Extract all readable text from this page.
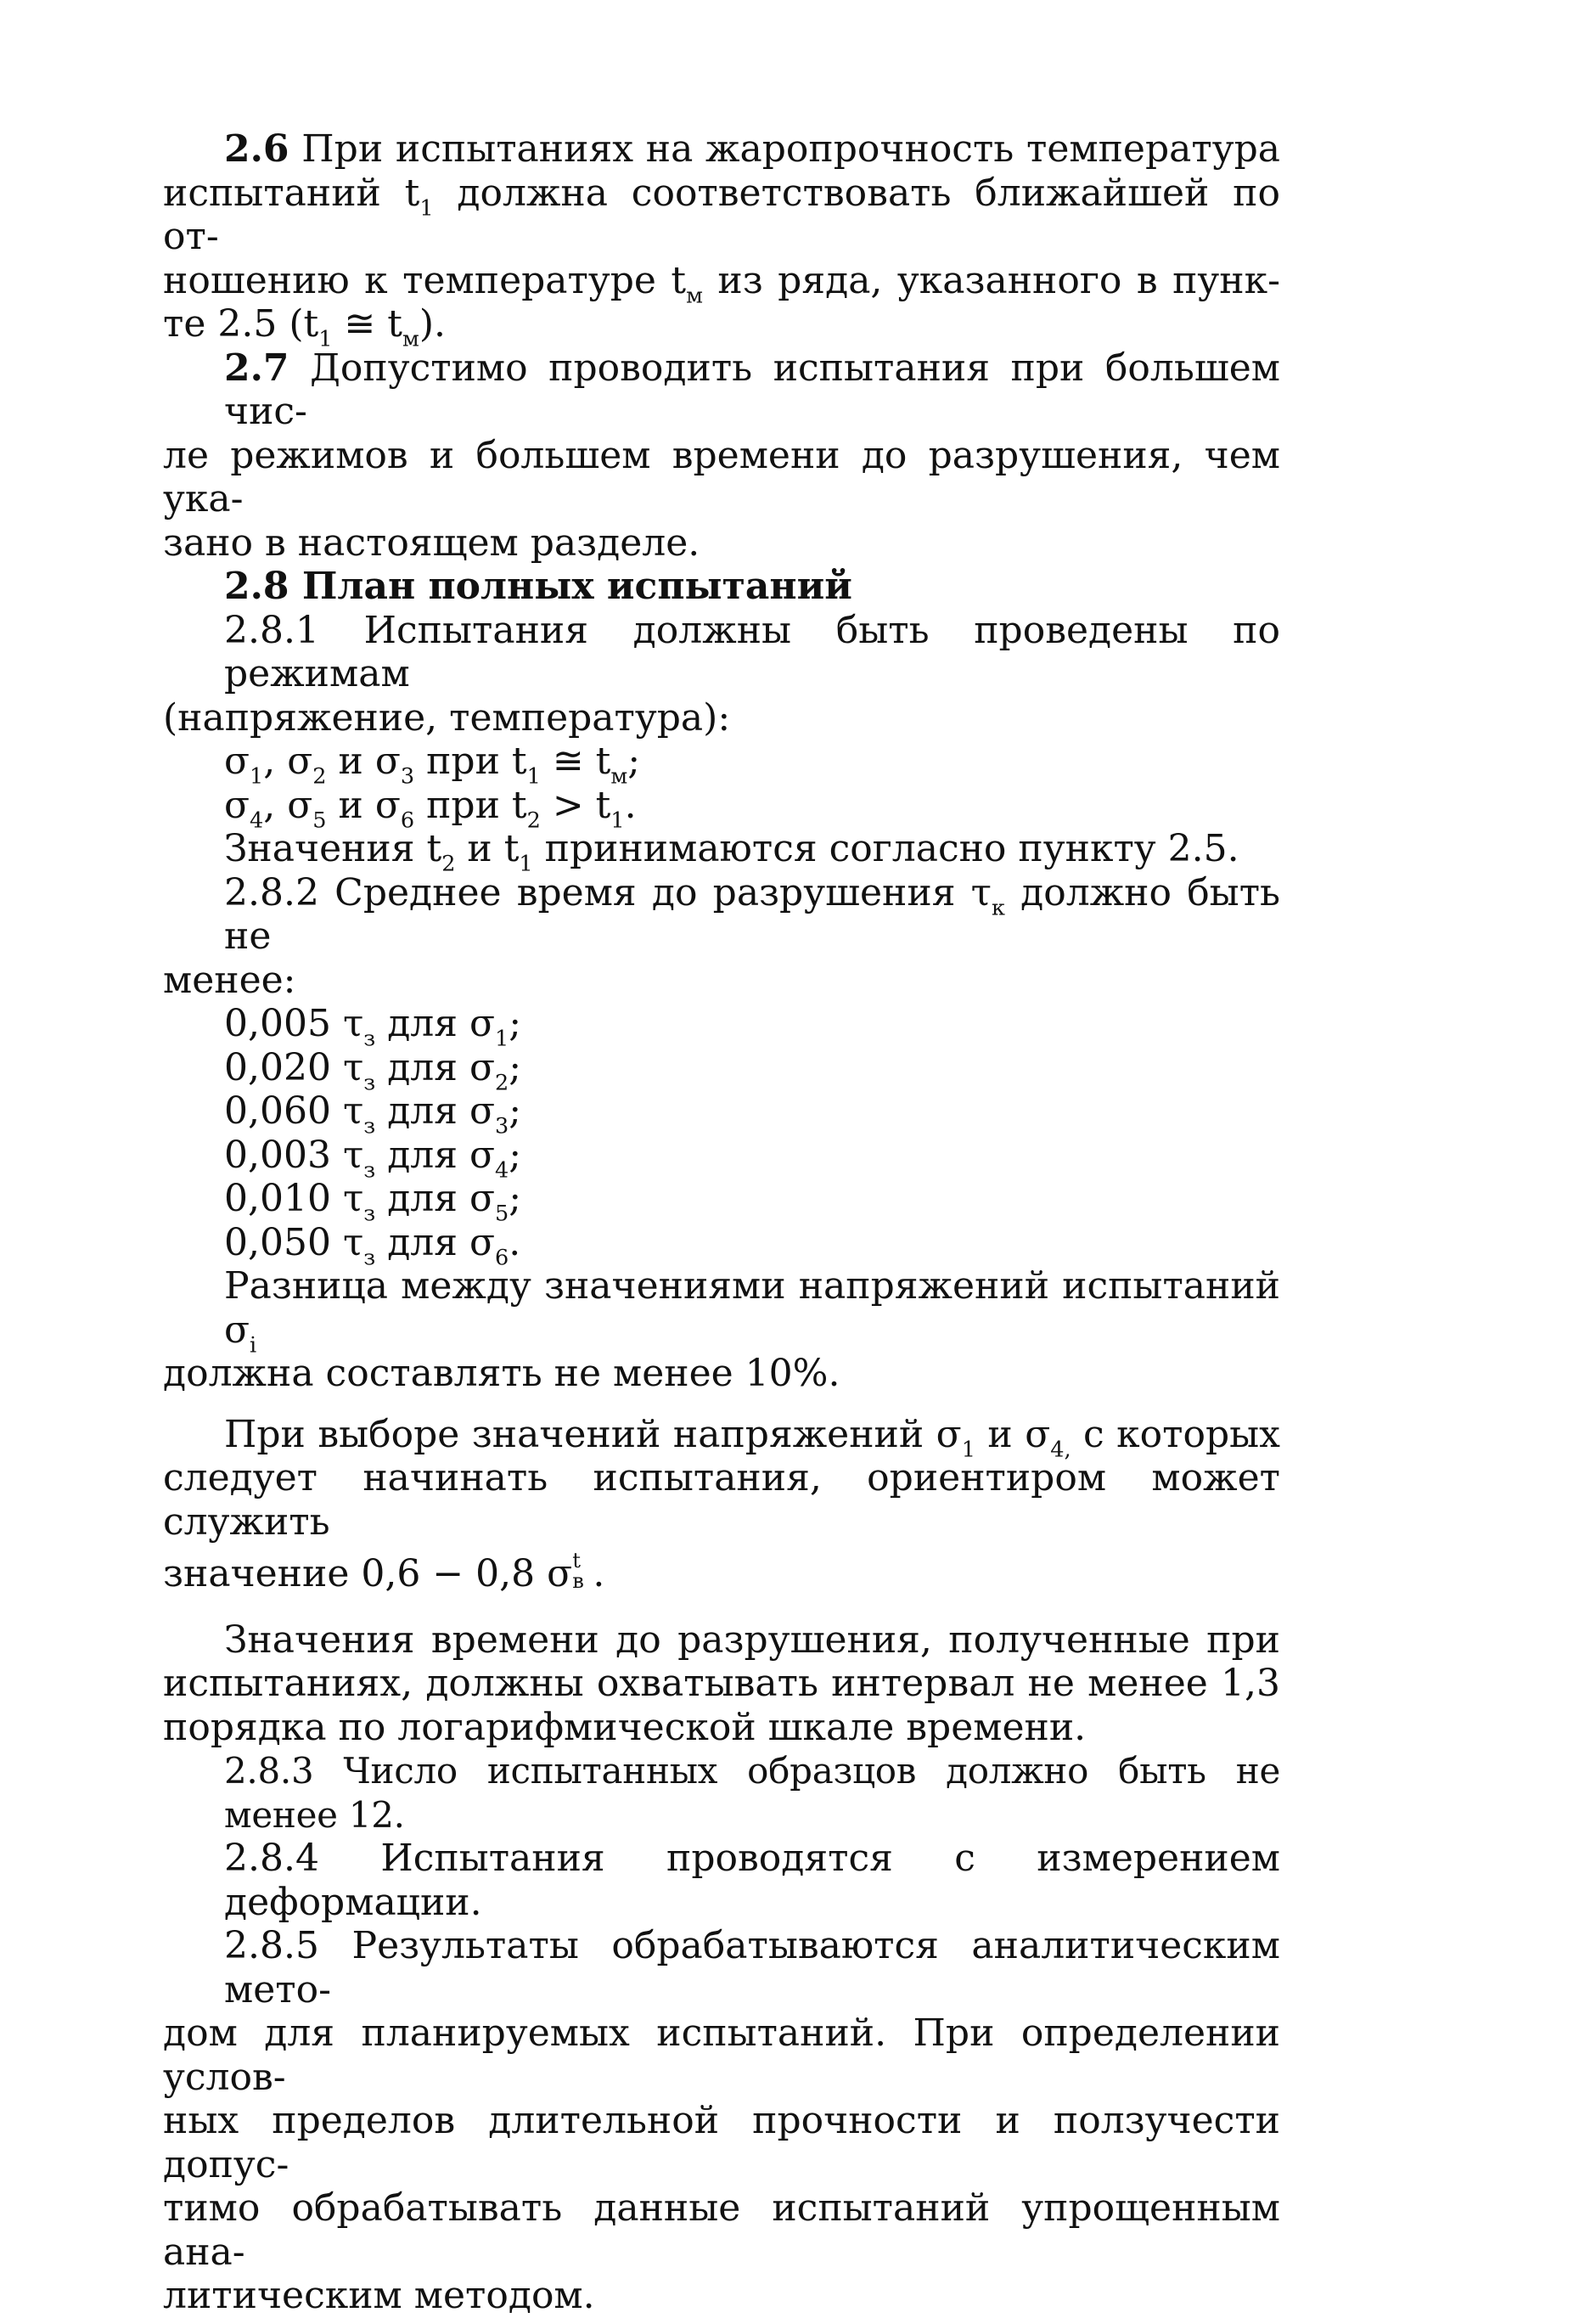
2.6 При испытаниях на жаропрочность температура

испытаний $t_1$ должна соответствовать ближайшей по от-

ношению к температуре $t_м$ из ряда, указанного в пунк-

те 2.5 ($t_1$ ≅ $t_м$).

2.7 Допустимо проводить испытания при большем чис-

ле режимов и большем времени до разрушения, чем ука-

зано в настоящем разделе.

2.8 План полных испытаний

2.8.1 Испытания должны быть проведены по режимам

(напряжение, температура):

$\sigma_1$, $\sigma_2$ и $\sigma_3$ при $t_1$ ≅ $t_м$;

$\sigma_4$, $\sigma_5$ и $\sigma_6$ при $t_2 > t_1$.

Значения $t_2$ и $t_1$ принимаются согласно пункту 2.5.

2.8.2 Среднее время до разрушения $\tau_к$ должно быть не

менее:

0,005 $\tau_з$ для $\sigma_1$;

0,020 $\tau_з$ для $\sigma_2$;

0,060 $\tau_з$ для $\sigma_3$;

0,003 $\tau_з$ для $\sigma_4$;

0,010 $\tau_з$ для $\sigma_5$;

0,050 $\tau_з$ для $\sigma_6$.

Разница между значениями напряжений испытаний $\sigma_i$

должна составлять не менее 10%.

При выборе значений напряжений $\sigma_1$ и $\sigma_{4,}$ с которых

следует начинать испытания, ориентиром может служить

значение 0,6 − 0,8 σ t
в .

Значения времени до разрушения, полученные при

испытаниях, должны охватывать интервал не менее 1,3

порядка по логарифмической шкале времени.

2.8.3 Число испытанных образцов должно быть не менее 12.

2.8.4 Испытания проводятся с измерением деформации.

2.8.5 Результаты обрабатываются аналитическим мето-

дом для планируемых испытаний. При определении услов-

ных пределов длительной прочности и ползучести допус-

тимо обрабатывать данные испытаний упрощенным ана-

литическим методом.
